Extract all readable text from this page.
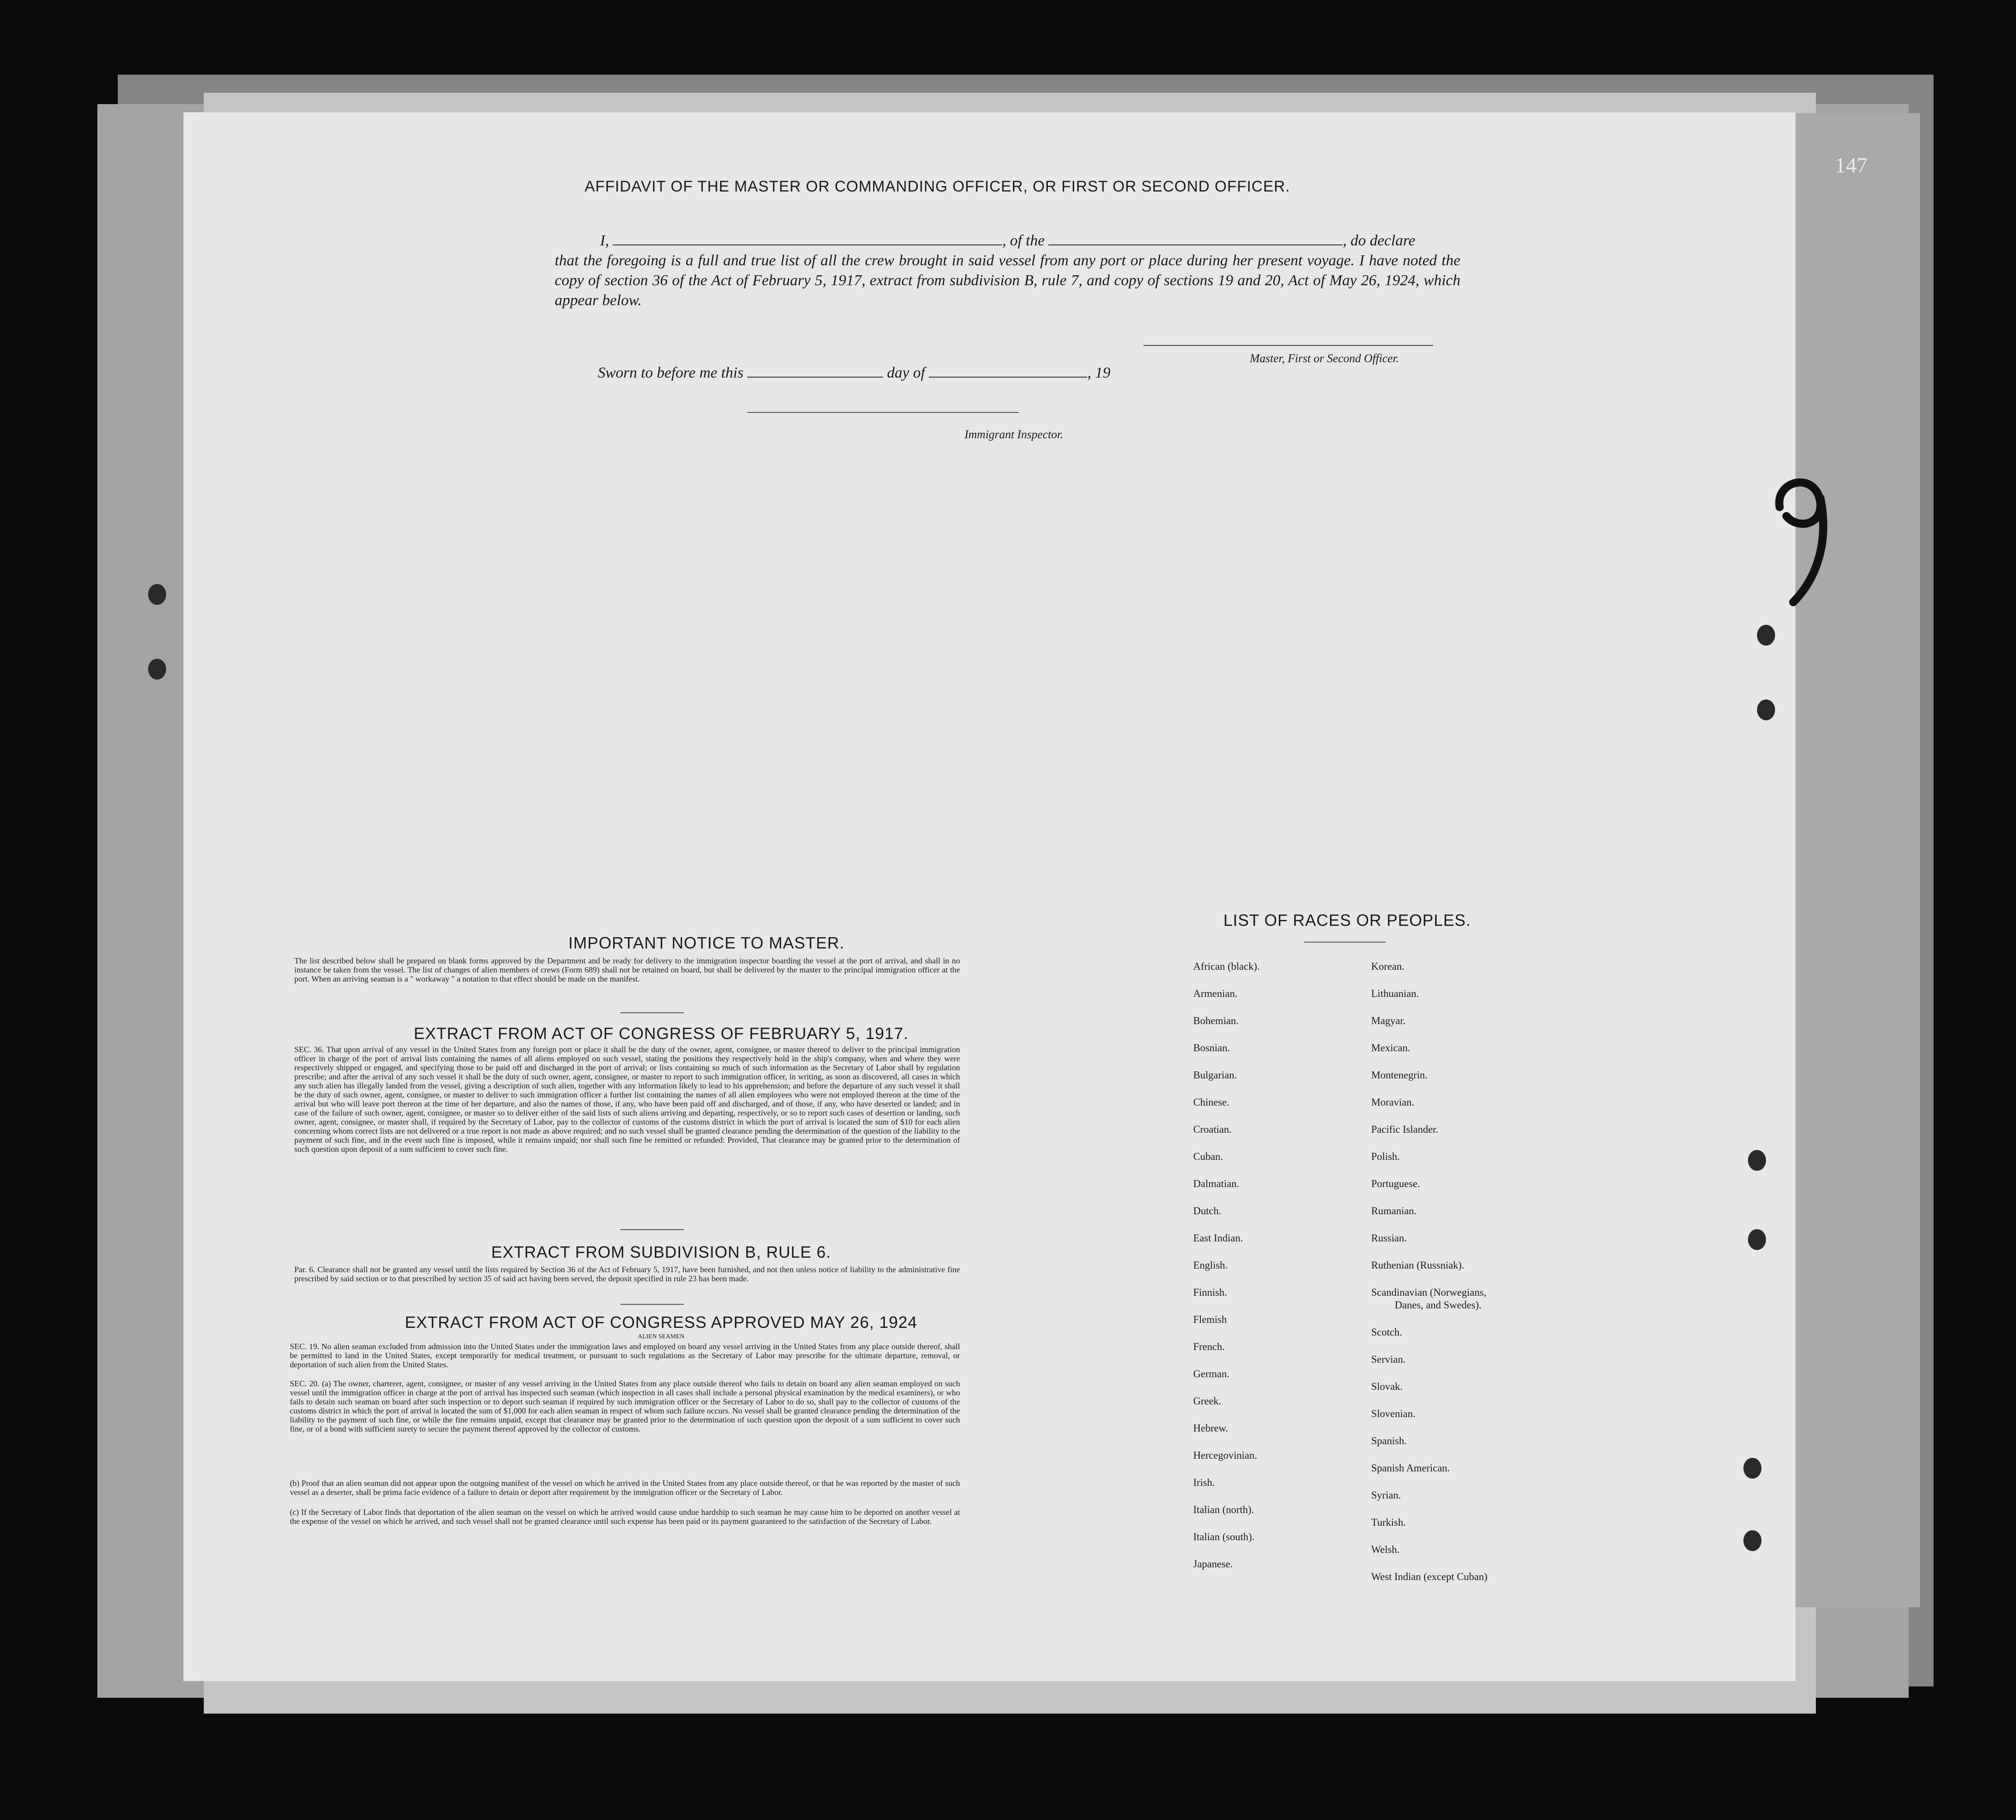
147
AFFIDAVIT OF THE MASTER OR COMMANDING OFFICER, OR FIRST OR SECOND OFFICER.
I,	, of the	, do declare
that the foregoing is a full and true list of all the crew brought in said vessel from any port or place during her present voyage. I have noted the copy of section 36 of the Act of February 5, 1917, extract from subdivision B, rule 7, and copy of sections 19 and 20, Act of May 26, 1924, which appear below.
Master, First or Second Officer.
Sworn to before me this	day of	, 19
Immigrant Inspector.
IMPORTANT NOTICE TO MASTER.
The list described below shall be prepared on blank forms approved by the Department and be ready for delivery to the immigration inspector boarding the vessel at the port of arrival, and shall in no instance be taken from the vessel. The list of changes of alien members of crews (Form 689) shall not be retained on board, but shall be delivered by the master to the principal immigration officer at the port. When an arriving seaman is a " workaway " a notation to that effect should be made on the manifest.
EXTRACT FROM ACT OF CONGRESS OF FEBRUARY 5, 1917.
SEC. 36. That upon arrival of any vessel in the United States from any foreign port or place it shall be the duty of the owner, agent, consignee, or master thereof to deliver to the principal immigration officer in charge of the port of arrival lists containing the names of all aliens employed on such vessel, stating the positions they respectively hold in the ship's company, when and where they were respectively shipped or engaged, and specifying those to be paid off and discharged in the port of arrival; or lists containing so much of such information as the Secretary of Labor shall by regulation prescribe; and after the arrival of any such vessel it shall be the duty of such owner, agent, consignee, or master to report to such immigration officer, in writing, as soon as discovered, all cases in which any such alien has illegally landed from the vessel, giving a description of such alien, together with any information likely to lead to his apprehension; and before the departure of any such vessel it shall be the duty of such owner, agent, consignee, or master to deliver to such immigration officer a further list containing the names of all alien employees who were not employed thereon at the time of the arrival but who will leave port thereon at the time of her departure, and also the names of those, if any, who have been paid off and discharged, and of those, if any, who have deserted or landed; and in case of the failure of such owner, agent, consignee, or master so to deliver either of the said lists of such aliens arriving and departing, respectively, or so to report such cases of desertion or landing, such owner, agent, consignee, or master shall, if required by the Secretary of Labor, pay to the collector of customs of the customs district in which the port of arrival is located the sum of $10 for each alien concerning whom correct lists are not delivered or a true report is not made as above required; and no such vessel shall be granted clearance pending the determination of the question of the liability to the payment of such fine, and in the event such fine is imposed, while it remains unpaid; nor shall such fine be remitted or refunded: Provided, That clearance may be granted prior to the determination of such question upon deposit of a sum sufficient to cover such fine.
EXTRACT FROM SUBDIVISION B, RULE 6.
Par. 6. Clearance shall not be granted any vessel until the lists required by Section 36 of the Act of February 5, 1917, have been furnished, and not then unless notice of liability to the administrative fine prescribed by said section or to that prescribed by section 35 of said act having been served, the deposit specified in rule 23 has been made.
EXTRACT FROM ACT OF CONGRESS APPROVED MAY 26, 1924
ALIEN SEAMEN
SEC. 19. No alien seaman excluded from admission into the United States under the immigration laws and employed on board any vessel arriving in the United States from any place outside thereof, shall be permitted to land in the United States, except temporarily for medical treatment, or pursuant to such regulations as the Secretary of Labor may prescribe for the ultimate departure, removal, or deportation of such alien from the United States.
SEC. 20. (a) The owner, charterer, agent, consignee, or master of any vessel arriving in the United States from any place outside thereof who fails to detain on board any alien seaman employed on such vessel until the immigration officer in charge at the port of arrival has inspected such seaman (which inspection in all cases shall include a personal physical examination by the medical examiners), or who fails to detain such seaman on board after such inspection or to deport such seaman if required by such immigration officer or the Secretary of Labor to do so, shall pay to the collector of customs of the customs district in which the port of arrival is located the sum of $1,000 for each alien seaman in respect of whom such failure occurs. No vessel shall be granted clearance pending the determination of the liability to the payment of such fine, or while the fine remains unpaid, except that clearance may be granted prior to the determination of such question upon the deposit of a sum sufficient to cover such fine, or of a bond with sufficient surety to secure the payment thereof approved by the collector of customs.
(b) Proof that an alien seaman did not appear upon the outgoing manifest of the vessel on which he arrived in the United States from any place outside thereof, or that he was reported by the master of such vessel as a deserter, shall be prima facie evidence of a failure to detain or deport after requirement by the immigration officer or the Secretary of Labor.
(c) If the Secretary of Labor finds that deportation of the alien seaman on the vessel on which he arrived would cause undue hardship to such seaman he may cause him to be deported on another vessel at the expense of the vessel on which he arrived, and such vessel shall not be granted clearance until such expense has been paid or its payment guaranteed to the satisfaction of the Secretary of Labor.
LIST OF RACES OR PEOPLES.
African (black).
Armenian.
Bohemian.
Bosnian.
Bulgarian.
Chinese.
Croatian.
Cuban.
Dalmatian.
Dutch.
East Indian.
English.
Finnish.
Flemish
French.
German.
Greek.
Hebrew.
Hercegovinian.
Irish.
Italian (north).
Italian (south).
Japanese.
Korean.
Lithuanian.
Magyar.
Mexican.
Montenegrin.
Moravian.
Pacific Islander.
Polish.
Portuguese.
Rumanian.
Russian.
Ruthenian (Russniak).
Scandinavian (Norwegians,
Danes, and Swedes).
Scotch.
Servian.
Slovak.
Slovenian.
Spanish.
Spanish American.
Syrian.
Turkish.
Welsh.
West Indian (except Cuban)
